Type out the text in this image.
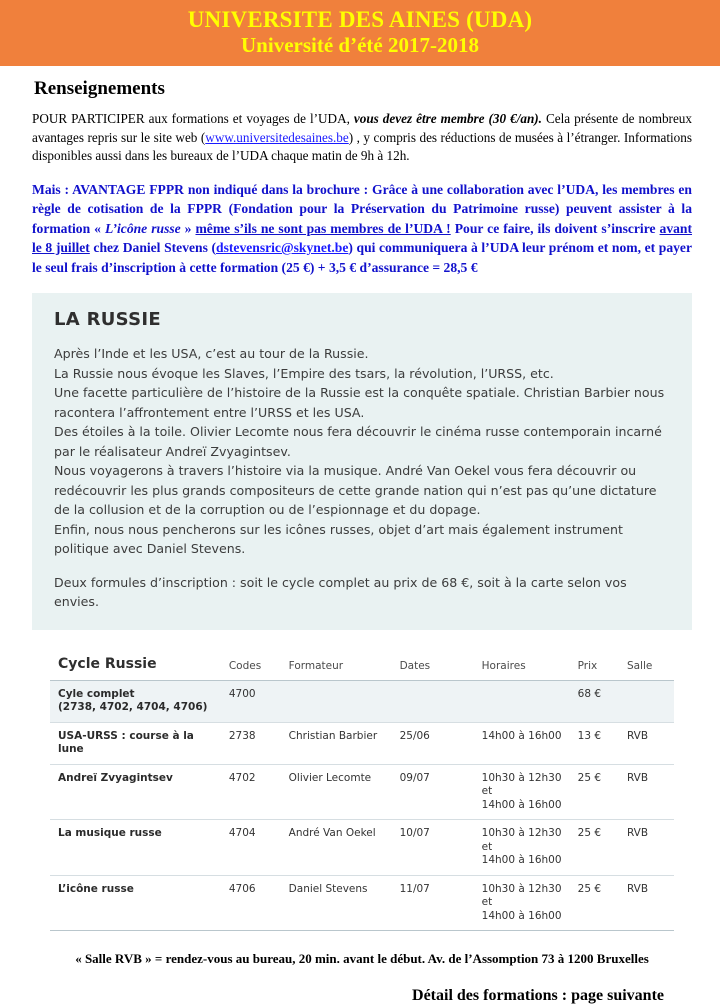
UNIVERSITE DES AINES (UDA)
Université d’été 2017-2018
Renseignements

POUR PARTICIPER aux formations et voyages de l’UDA, vous devez être membre (30 €/an). Cela présente de nombreux avantages repris sur le site web (www.universitedesaines.be) , y compris des réductions de musées à l’étranger. Informations disponibles aussi dans les bureaux de l’UDA chaque matin de 9h à 12h.

Mais : AVANTAGE FPPR non indiqué dans la brochure : Grâce à une collaboration avec l’UDA, les membres en règle de cotisation de la FPPR (Fondation pour la Préservation du Patrimoine russe) peuvent assister à la formation « L’icône russe » même s’ils ne sont pas membres de l’UDA ! Pour ce faire, ils doivent s’inscrire avant le 8 juillet chez Daniel Stevens (dstevensric@skynet.be) qui communiquera à l’UDA leur prénom et nom, et payer le seul frais d’inscription à cette formation (25 €) + 3,5 € d’assurance = 28,5 €

LA RUSSIE

Après l’Inde et les USA, c’est au tour de la Russie.

La Russie nous évoque les Slaves, l’Empire des tsars, la révolution, l’URSS, etc.

Une facette particulière de l’histoire de la Russie est la conquête spatiale. Christian Barbier nous racontera l’affrontement entre l’URSS et les USA.

Des étoiles à la toile. Olivier Lecomte nous fera découvrir le cinéma russe contemporain incarné par le réalisateur Andreï Zvyagintsev.

Nous voyagerons à travers l’histoire via la musique. André Van Oekel vous fera découvrir ou redécouvrir les plus grands compositeurs de cette grande nation qui n’est pas qu’une dictature de la collusion et de la corruption ou de l’espionnage et du dopage.

Enfin, nous nous pencherons sur les icônes russes, objet d’art mais également instrument politique avec Daniel Stevens.

Deux formules d’inscription : soit le cycle complet au prix de 68 €, soit à la carte selon vos envies.

Cycle Russie	Codes	Formateur	Dates	Horaires	Prix	Salle
Cyle complet
(2738, 4702, 4704, 4706)	4700				68 €	
USA-URSS : course à la lune	2738	Christian Barbier	25/06	14h00 à 16h00	13 €	RVB
Andreï Zvyagintsev	4702	Olivier Lecomte	09/07	10h30 à 12h30 et
14h00 à 16h00	25 €	RVB
La musique russe	4704	André Van Oekel	10/07	10h30 à 12h30 et
14h00 à 16h00	25 €	RVB
L’icône russe	4706	Daniel Stevens	11/07	10h30 à 12h30 et
14h00 à 16h00	25 €	RVB
« Salle RVB » = rendez-vous au bureau, 20 min. avant le début. Av. de l’Assomption 73 à 1200 Bruxelles
Détail des formations : page suivante
